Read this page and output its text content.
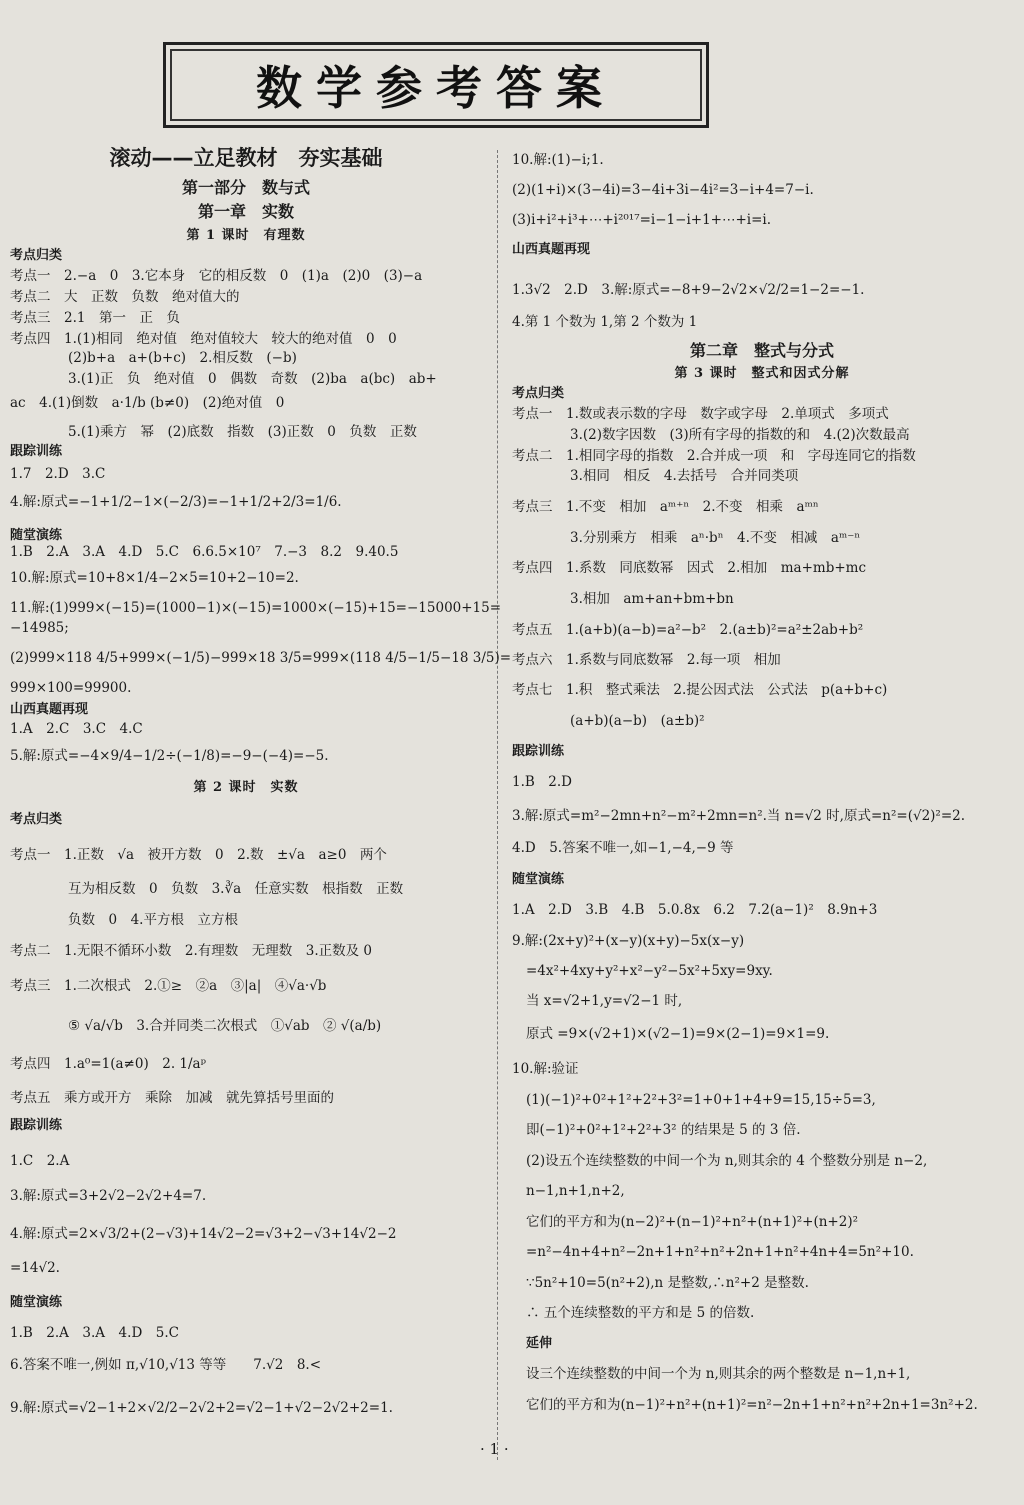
数学参考答案
滚动——立足教材　夯实基础
第一部分　数与式
第一章　实数
第 1 课时　有理数
考点归类
考点一　2.−a　0　3.它本身　它的相反数　0　(1)a　(2)0　(3)−a
考点二　大　正数　负数　绝对值大的
考点三　2.1　第一　正　负
考点四　1.(1)相同　绝对值　绝对值较大　较大的绝对值　0　0
(2)b+a　a+(b+c)　2.相反数　(−b)
3.(1)正　负　绝对值　0　偶数　奇数　(2)ba　a(bc)　ab+
ac　4.(1)倒数　a·1/b (b≠0)　(2)绝对值　0
5.(1)乘方　幂　(2)底数　指数　(3)正数　0　负数　正数
跟踪训练
1.7　2.D　3.C
4.解:原式=−1+1/2−1×(−2/3)=−1+1/2+2/3=1/6.
随堂演练
1.B　2.A　3.A　4.D　5.C　6.6.5×10⁷　7.−3　8.2　9.40.5
10.解:原式=10+8×1/4−2×5=10+2−10=2.
11.解:(1)999×(−15)=(1000−1)×(−15)=1000×(−15)+15=−15000+15=
−14985;
(2)999×118 4/5+999×(−1/5)−999×18 3/5=999×(118 4/5−1/5−18 3/5)=
999×100=99900.
山西真题再现
1.A　2.C　3.C　4.C
5.解:原式=−4×9/4−1/2÷(−1/8)=−9−(−4)=−5.
第 2 课时　实数
考点归类
考点一　1.正数　√a　被开方数　0　2.数　±√a　a≥0　两个
互为相反数　0　负数　3.∛a　任意实数　根指数　正数
负数　0　4.平方根　立方根
考点二　1.无限不循环小数　2.有理数　无理数　3.正数及 0
考点三　1.二次根式　2.①≥　②a　③|a|　④√a·√b
⑤ √a/√b　3.合并同类二次根式　①√ab　② √(a/b)
考点四　1.a⁰=1(a≠0)　2. 1/aᵖ
考点五　乘方或开方　乘除　加减　就先算括号里面的
跟踪训练
1.C　2.A
3.解:原式=3+2√2−2√2+4=7.
4.解:原式=2×√3/2+(2−√3)+14√2−2=√3+2−√3+14√2−2
=14√2.
随堂演练
1.B　2.A　3.A　4.D　5.C
6.答案不唯一,例如 π,√10,√13 等等　　7.√2　8.<
9.解:原式=√2−1+2×√2/2−2√2+2=√2−1+√2−2√2+2=1.
10.解:(1)−i;1.
(2)(1+i)×(3−4i)=3−4i+3i−4i²=3−i+4=7−i.
(3)i+i²+i³+⋯+i²⁰¹⁷=i−1−i+1+⋯+i=i.
山西真题再现
1.3√2　2.D　3.解:原式=−8+9−2√2×√2/2=1−2=−1.
4.第 1 个数为 1,第 2 个数为 1
第二章　整式与分式
第 3 课时　整式和因式分解
考点归类
考点一　1.数或表示数的字母　数字或字母　2.单项式　多项式
3.(2)数字因数　(3)所有字母的指数的和　4.(2)次数最高
考点二　1.相同字母的指数　2.合并成一项　和　字母连同它的指数
3.相同　相反　4.去括号　合并同类项
考点三　1.不变　相加　aᵐ⁺ⁿ　2.不变　相乘　aᵐⁿ
3.分别乘方　相乘　aⁿ·bⁿ　4.不变　相减　aᵐ⁻ⁿ
考点四　1.系数　同底数幂　因式　2.相加　ma+mb+mc
3.相加　am+an+bm+bn
考点五　1.(a+b)(a−b)=a²−b²　2.(a±b)²=a²±2ab+b²
考点六　1.系数与同底数幂　2.每一项　相加
考点七　1.积　整式乘法　2.提公因式法　公式法　p(a+b+c)
(a+b)(a−b)　(a±b)²
跟踪训练
1.B　2.D
3.解:原式=m²−2mn+n²−m²+2mn=n².当 n=√2 时,原式=n²=(√2)²=2.
4.D　5.答案不唯一,如−1,−4,−9 等
随堂演练
1.A　2.D　3.B　4.B　5.0.8x　6.2　7.2(a−1)²　8.9n+3
9.解:(2x+y)²+(x−y)(x+y)−5x(x−y)
=4x²+4xy+y²+x²−y²−5x²+5xy=9xy.
当 x=√2+1,y=√2−1 时,
原式 =9×(√2+1)×(√2−1)=9×(2−1)=9×1=9.
10.解:验证
(1)(−1)²+0²+1²+2²+3²=1+0+1+4+9=15,15÷5=3,
即(−1)²+0²+1²+2²+3² 的结果是 5 的 3 倍.
(2)设五个连续整数的中间一个为 n,则其余的 4 个整数分别是 n−2,
n−1,n+1,n+2,
它们的平方和为(n−2)²+(n−1)²+n²+(n+1)²+(n+2)²
=n²−4n+4+n²−2n+1+n²+n²+2n+1+n²+4n+4=5n²+10.
∵5n²+10=5(n²+2),n 是整数,∴n²+2 是整数.
∴ 五个连续整数的平方和是 5 的倍数.
延伸
设三个连续整数的中间一个为 n,则其余的两个整数是 n−1,n+1,
它们的平方和为(n−1)²+n²+(n+1)²=n²−2n+1+n²+n²+2n+1=3n²+2.
· 1 ·
